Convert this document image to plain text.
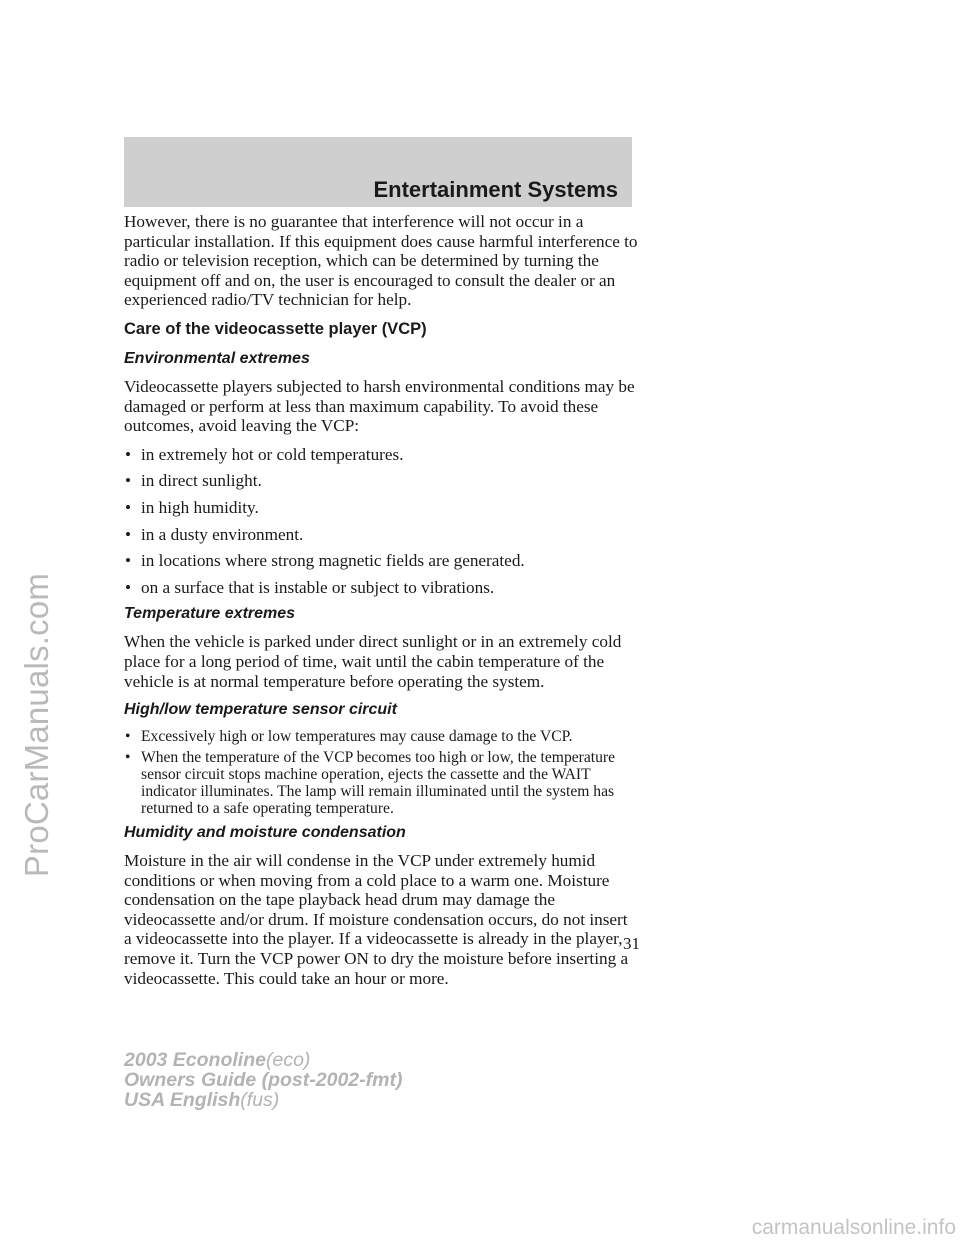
ProCarManuals.com
Entertainment Systems

However, there is no guarantee that interference will not occur in a particular installation. If this equipment does cause harmful interference to radio or television reception, which can be determined by turning the equipment off and on, the user is encouraged to consult the dealer or an experienced radio/TV technician for help.

Care of the videocassette player (VCP)
Environmental extremes

Videocassette players subjected to harsh environmental conditions may be damaged or perform at less than maximum capability. To avoid these outcomes, avoid leaving the VCP:

• in extremely hot or cold temperatures.
• in direct sunlight.
• in high humidity.
• in a dusty environment.
• in locations where strong magnetic fields are generated.
• on a surface that is instable or subject to vibrations.
Temperature extremes

When the vehicle is parked under direct sunlight or in an extremely cold place for a long period of time, wait until the cabin temperature of the vehicle is at normal temperature before operating the system.

High/low temperature sensor circuit
• Excessively high or low temperatures may cause damage to the VCP.
• When the temperature of the VCP becomes too high or low, the temperature sensor circuit stops machine operation, ejects the cassette and the WAIT indicator illuminates. The lamp will remain illuminated until the system has returned to a safe operating temperature.
Humidity and moisture condensation

Moisture in the air will condense in the VCP under extremely humid conditions or when moving from a cold place to a warm one. Moisture condensation on the tape playback head drum may damage the videocassette and/or drum. If moisture condensation occurs, do not insert a videocassette into the player. If a videocassette is already in the player, remove it. Turn the VCP power ON to dry the moisture before inserting a videocassette. This could take an hour or more.

31
2003 Econoline(eco)
Owners Guide (post-2002-fmt)
USA English(fus)
carmanualsonline.info
